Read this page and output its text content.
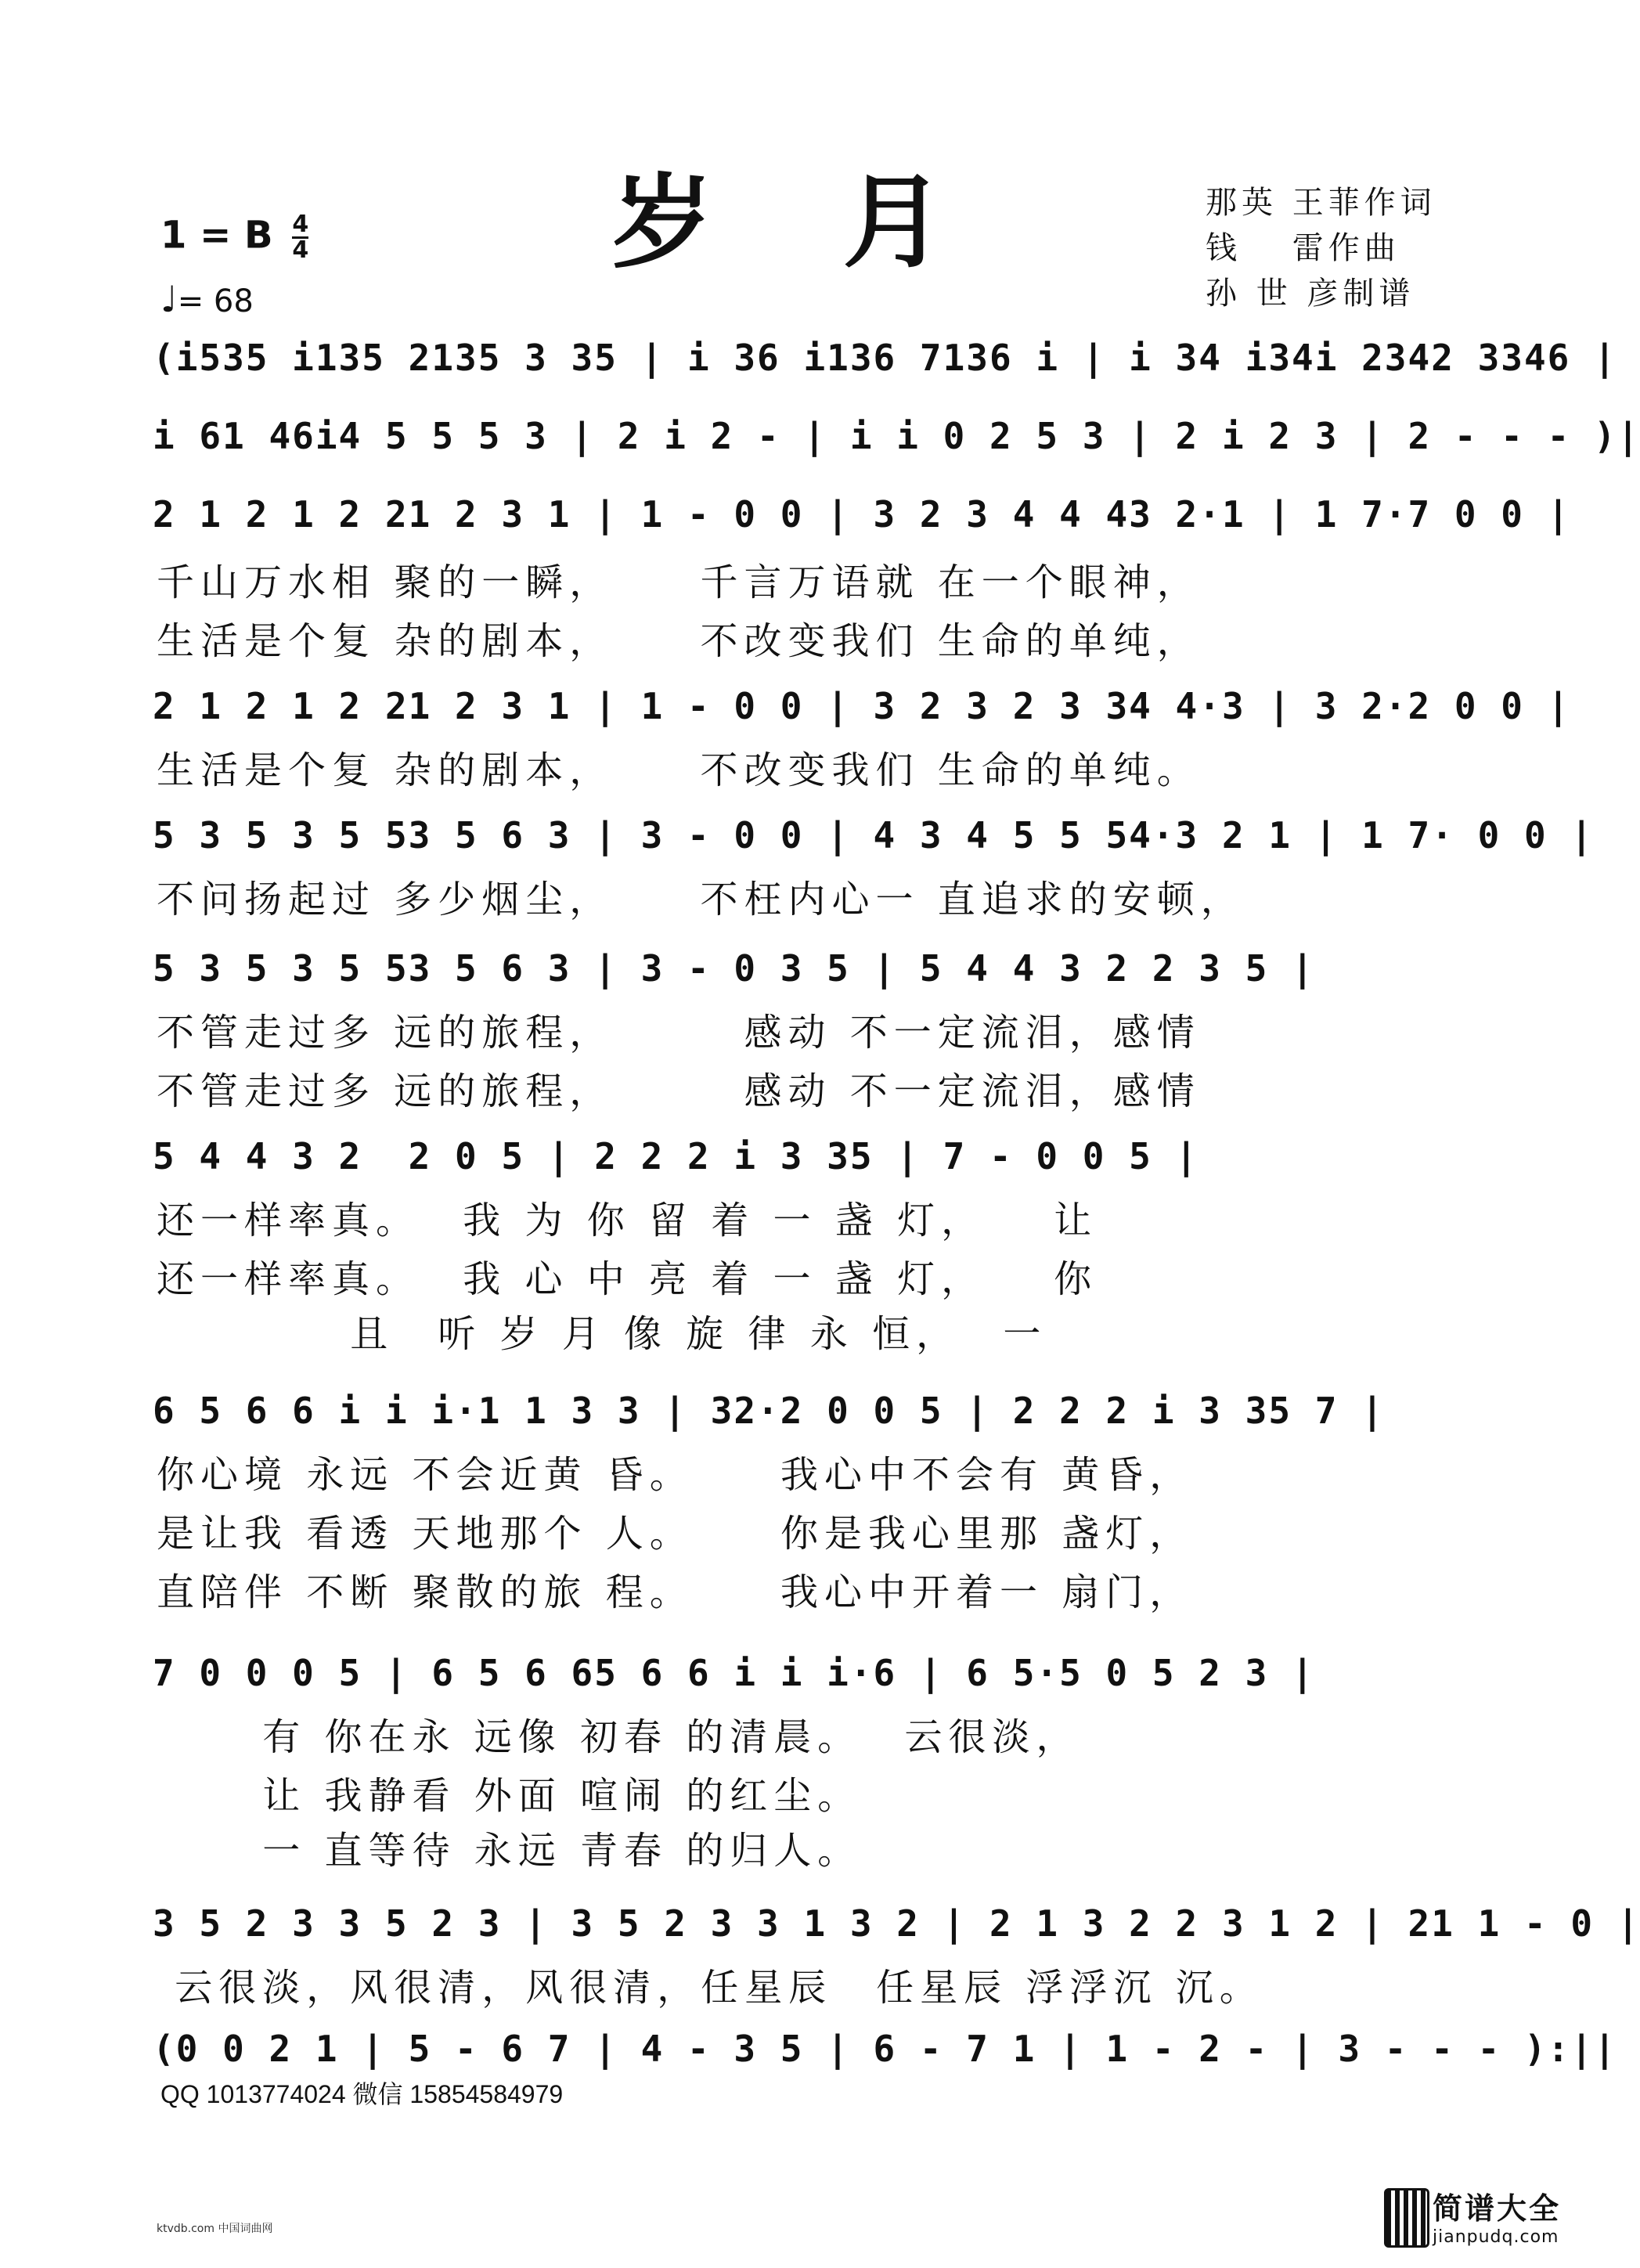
岁 月	那英 王菲作词
钱　 雷作曲
孙 世 彦制谱
1 = B $\frac{4}{4}$
♩= 68
(i535 i135 2135 3 35 | i 36 i136 7136 i | i 34 i34i 2342 3346 |
i 61 46i4 5 5 5 3 | 2 i 2 - | i i 0 2 5 3 | 2 i 2 3 | 2 - - - )|
2 1 2 1 2 21 2 3 1 | 1 - 0 0 | 3 2 3 4 4 43 2·1 | 1 7·7 0 0 |
千山万水相 聚的一瞬，　　 千言万语就 在一个眼神，
生活是个复 杂的剧本，　　 不改变我们 生命的单纯，
2 1 2 1 2 21 2 3 1 | 1 - 0 0 | 3 2 3 2 3 34 4·3 | 3 2·2 0 0 |
生活是个复 杂的剧本，　　 不改变我们 生命的单纯。
5 3 5 3 5 53 5 6 3 | 3 - 0 0 | 4 3 4 5 5 54·3 2 1 | 1 7· 0 0 |
不问扬起过 多少烟尘，　　 不枉内心一 直追求的安顿，
5 3 5 3 5 53 5 6 3 | 3 - 0 3 5 | 5 4 4 3 2 2 3 5 |
不管走过多 远的旅程，　　　 感动 不一定流泪，感情
不管走过多 远的旅程，　　　 感动 不一定流泪，感情
5 4 4 3 2  2 0 5 | 2 2 2 i 3 35 | 7 - 0 0 5 |
还一样率真。　 我 为 你 留 着 一 盏 灯，　　让
还一样率真。　 我 心 中 亮 着 一 盏 灯，　　你
　　　　 且　听 岁 月 像 旋 律 永 恒，　 一
6 5 6 6 i i i·1 1 3 3 | 32·2 0 0 5 | 2 2 2 i 3 35 7 |
你心境 永远 不会近黄 昏。　　 我心中不会有 黄昏，
是让我 看透 天地那个 人。　　 你是我心里那 盏灯，
直陪伴 不断 聚散的旅 程。　　 我心中开着一 扇门，
7 0 0 0 5 | 6 5 6 65 6 6 i i i·6 | 6 5·5 0 5 2 3 |
　　 有 你在永 远像 初春 的清晨。　 云很淡，
　　 让 我静看 外面 喧闹 的红尘。
　　 一 直等待 永远 青春 的归人。
3 5 2 3 3 5 2 3 | 3 5 2 3 3 1 3 2 | 2 1 3 2 2 3 1 2 | 21 1 - 0 |
云很淡，风很清，风很清，任星辰　任星辰 浮浮沉 沉。
(0 0 2 1 | 5 - 6 7 | 4 - 3 5 | 6 - 7 1 | 1 - 2 - | 3 - - - ):||
QQ 1013774024 微信 15854584979
ktvdb.com 中国词曲网
简谱大全
jianpudq.com
